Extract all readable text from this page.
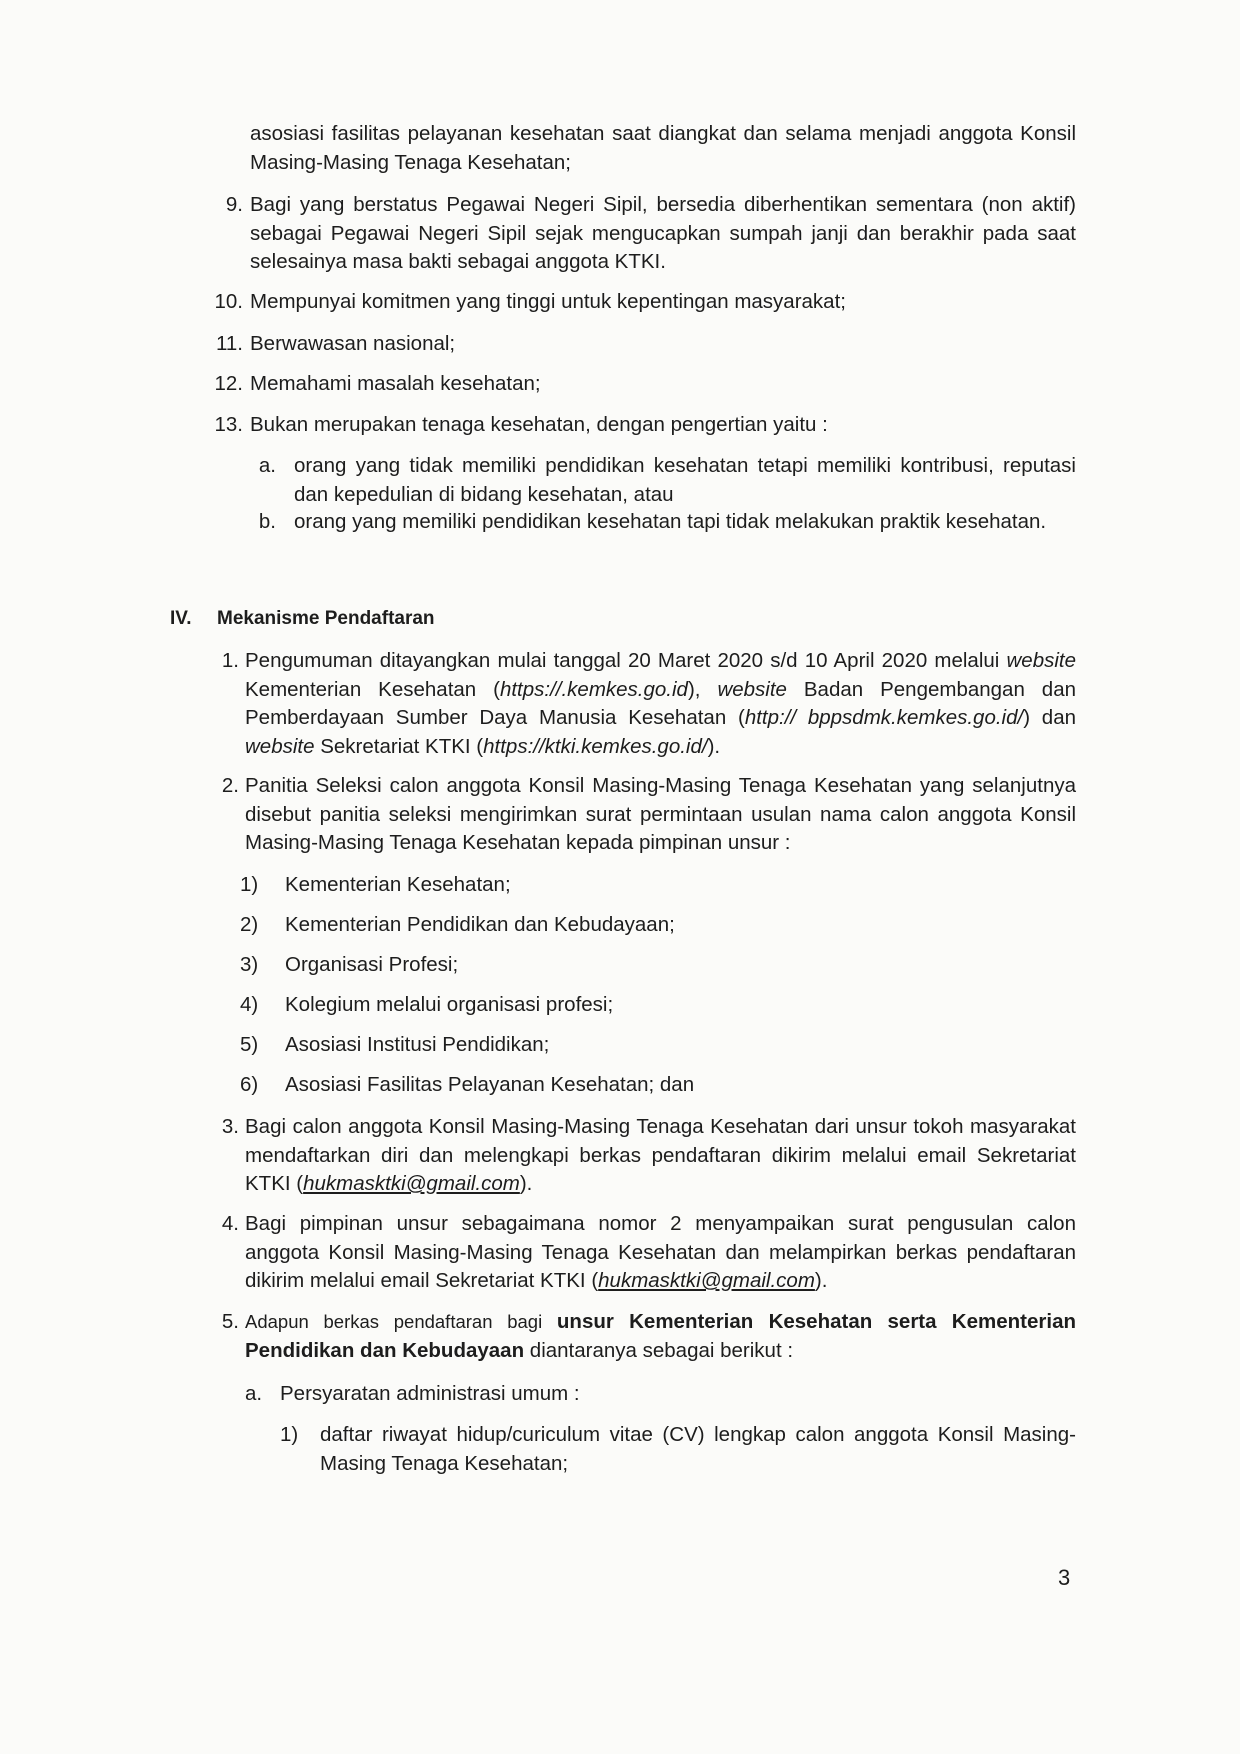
asosiasi fasilitas pelayanan kesehatan saat diangkat dan selama menjadi anggota Konsil Masing-Masing Tenaga Kesehatan;
9. Bagi yang berstatus Pegawai Negeri Sipil, bersedia diberhentikan sementara (non aktif) sebagai Pegawai Negeri Sipil sejak mengucapkan sumpah janji dan berakhir pada saat selesainya masa bakti sebagai anggota KTKI.
10. Mempunyai komitmen yang tinggi untuk kepentingan masyarakat;
11. Berwawasan nasional;
12. Memahami masalah kesehatan;
13. Bukan merupakan tenaga kesehatan, dengan pengertian yaitu :
a. orang yang tidak memiliki pendidikan kesehatan tetapi memiliki kontribusi, reputasi dan kepedulian di bidang kesehatan, atau
b. orang yang memiliki pendidikan kesehatan tapi tidak melakukan praktik kesehatan.
IV.	Mekanisme Pendaftaran
1. Pengumuman ditayangkan mulai tanggal 20 Maret 2020 s/d 10 April 2020 melalui website Kementerian Kesehatan (https://.kemkes.go.id), website Badan Pengembangan dan Pemberdayaan Sumber Daya Manusia Kesehatan (http:// bppsdmk.kemkes.go.id/) dan website Sekretariat KTKI (https://ktki.kemkes.go.id/).
2. Panitia Seleksi calon anggota Konsil Masing-Masing Tenaga Kesehatan yang selanjutnya disebut panitia seleksi mengirimkan surat permintaan usulan nama calon anggota Konsil Masing-Masing Tenaga Kesehatan kepada pimpinan unsur :
1)	Kementerian Kesehatan;
2)	Kementerian Pendidikan dan Kebudayaan;
3)	Organisasi Profesi;
4)	Kolegium melalui organisasi profesi;
5)	Asosiasi Institusi Pendidikan;
6)	Asosiasi Fasilitas Pelayanan Kesehatan; dan
3. Bagi calon anggota Konsil Masing-Masing Tenaga Kesehatan dari unsur tokoh masyarakat mendaftarkan diri dan melengkapi berkas pendaftaran dikirim melalui email Sekretariat KTKI (hukmasktki@gmail.com).
4. Bagi pimpinan unsur sebagaimana nomor 2 menyampaikan surat pengusulan calon anggota Konsil Masing-Masing Tenaga Kesehatan dan melampirkan berkas pendaftaran dikirim melalui email Sekretariat KTKI (hukmasktki@gmail.com).
5. Adapun berkas pendaftaran bagi unsur Kementerian Kesehatan serta Kementerian Pendidikan dan Kebudayaan diantaranya sebagai berikut :
a. Persyaratan administrasi umum :
1)	daftar riwayat hidup/curiculum vitae (CV) lengkap calon anggota Konsil Masing-Masing Tenaga Kesehatan;
3
